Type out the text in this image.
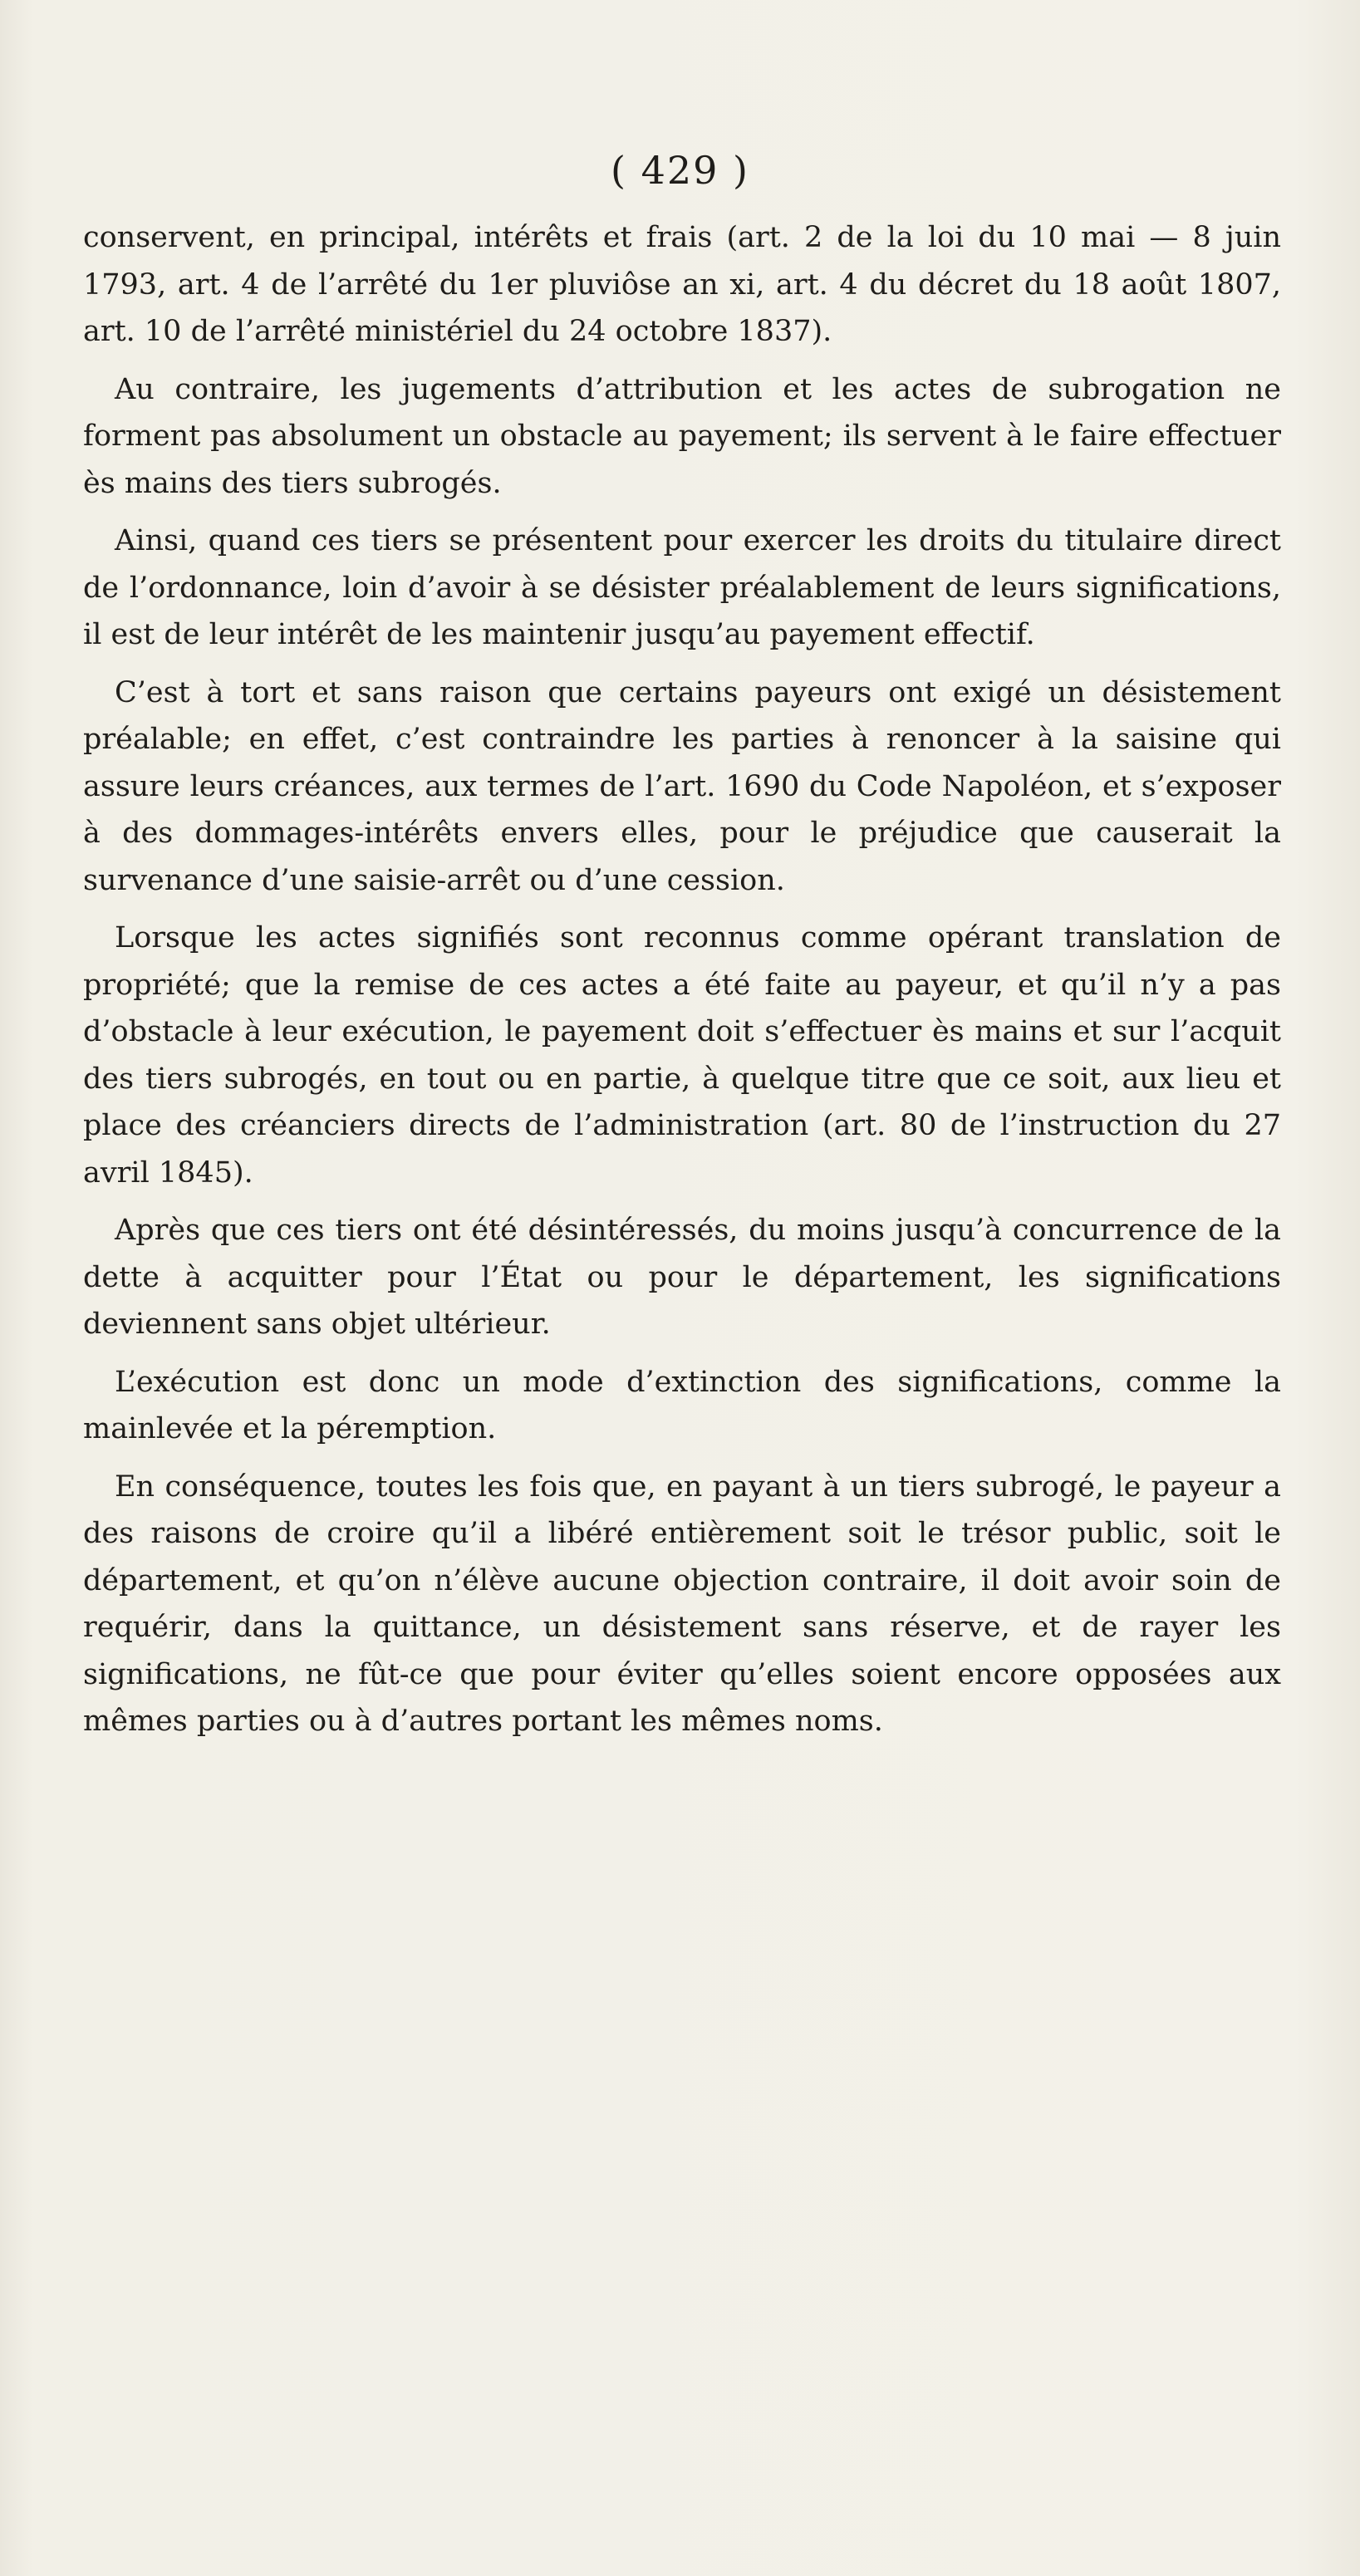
( 429 )

conservent, en principal, intérêts et frais (art. 2 de la loi du 10 mai — 8 juin 1793, art. 4 de l’arrêté du 1er pluviôse an xi, art. 4 du décret du 18 août 1807, art. 10 de l’arrêté ministériel du 24 octobre 1837).

Au contraire, les jugements d’attribution et les actes de subrogation ne forment pas absolument un obstacle au payement; ils servent à le faire effectuer ès mains des tiers subrogés.

Ainsi, quand ces tiers se présentent pour exercer les droits du titulaire direct de l’ordonnance, loin d’avoir à se désister préalablement de leurs significations, il est de leur intérêt de les maintenir jusqu’au payement effectif.

C’est à tort et sans raison que certains payeurs ont exigé un désistement préalable; en effet, c’est contraindre les parties à renoncer à la saisine qui assure leurs créances, aux termes de l’art. 1690 du Code Napoléon, et s’exposer à des dommages-intérêts envers elles, pour le préjudice que causerait la survenance d’une saisie-arrêt ou d’une cession.

Lorsque les actes signifiés sont reconnus comme opérant translation de propriété; que la remise de ces actes a été faite au payeur, et qu’il n’y a pas d’obstacle à leur exécution, le payement doit s’effectuer ès mains et sur l’acquit des tiers subrogés, en tout ou en partie, à quelque titre que ce soit, aux lieu et place des créanciers directs de l’administration (art. 80 de l’instruction du 27 avril 1845).

Après que ces tiers ont été désintéressés, du moins jusqu’à concurrence de la dette à acquitter pour l’État ou pour le département, les significations deviennent sans objet ultérieur.

L’exécution est donc un mode d’extinction des significations, comme la mainlevée et la péremption.

En conséquence, toutes les fois que, en payant à un tiers subrogé, le payeur a des raisons de croire qu’il a libéré entièrement soit le trésor public, soit le département, et qu’on n’élève aucune objection contraire, il doit avoir soin de requérir, dans la quittance, un désistement sans réserve, et de rayer les significations, ne fût-ce que pour éviter qu’elles soient encore opposées aux mêmes parties ou à d’autres portant les mêmes noms.
